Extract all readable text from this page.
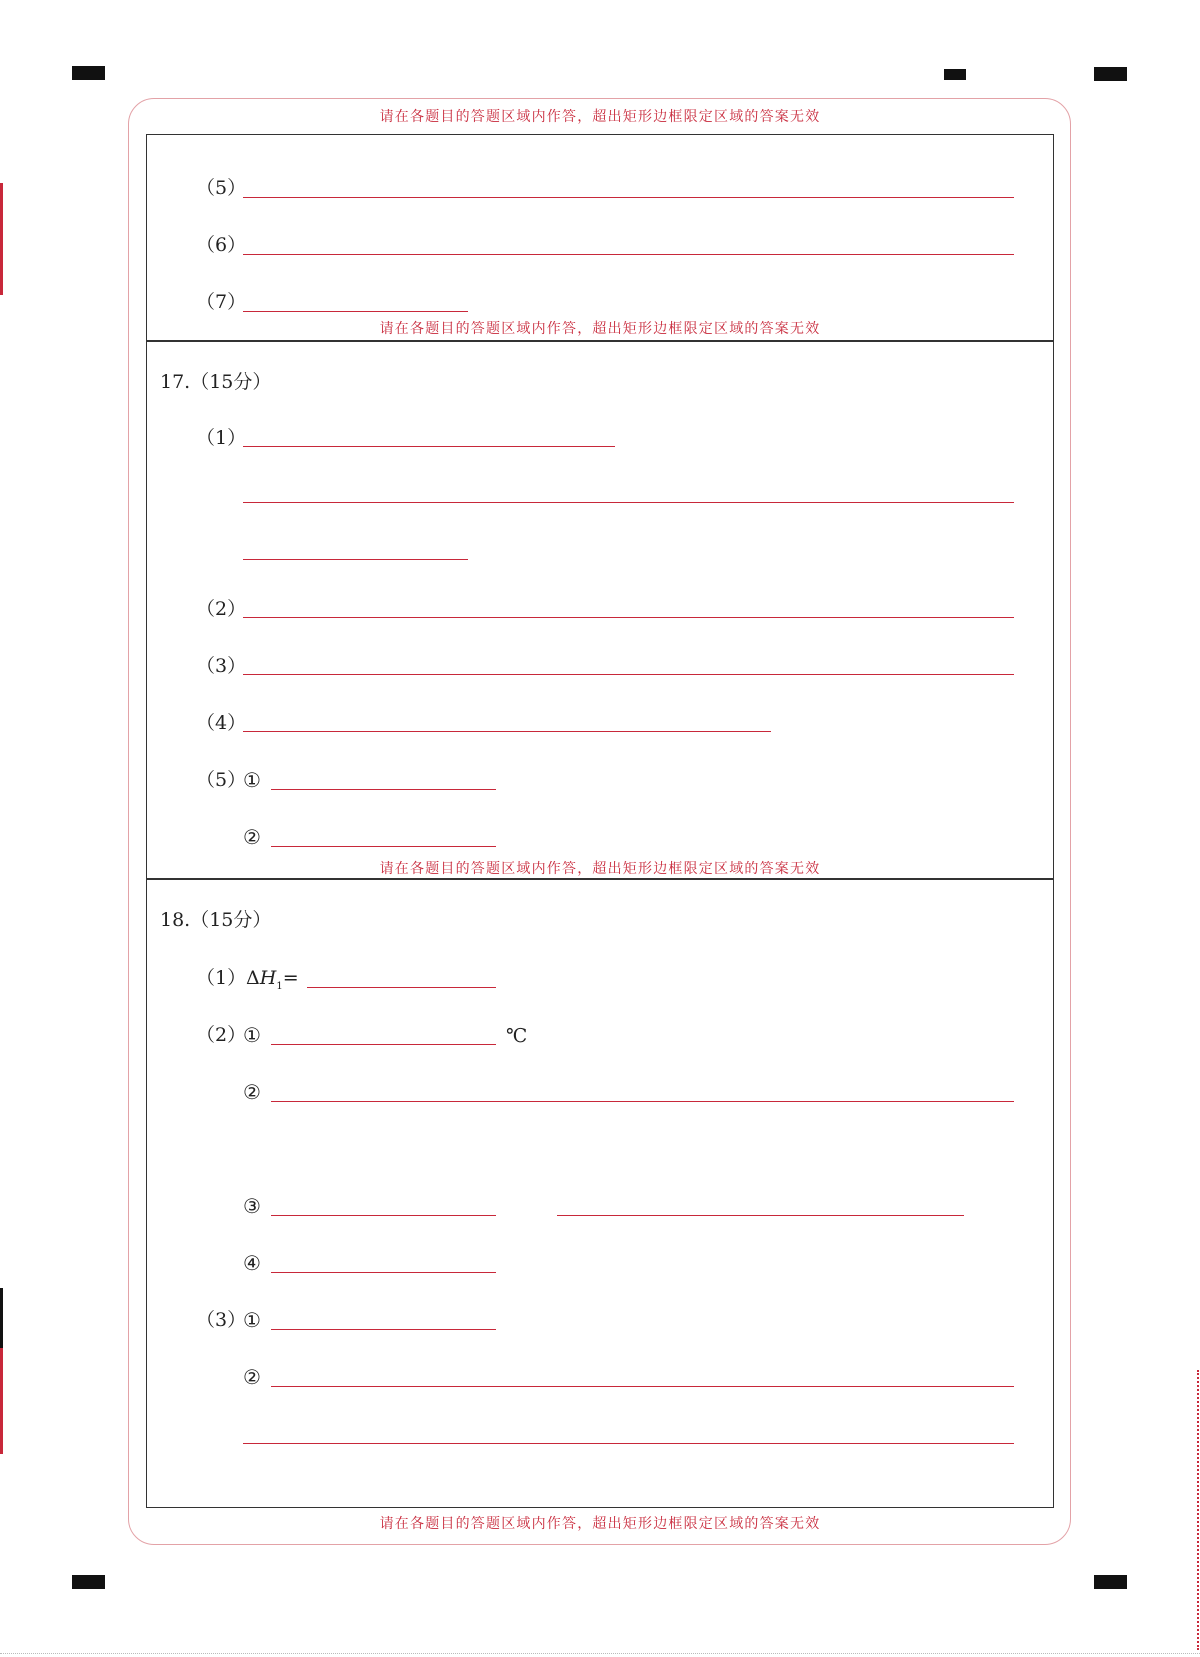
请在各题目的答题区域内作答，超出矩形边框限定区域的答案无效
请在各题目的答题区域内作答，超出矩形边框限定区域的答案无效
请在各题目的答题区域内作答，超出矩形边框限定区域的答案无效
请在各题目的答题区域内作答，超出矩形边框限定区域的答案无效
（5）
（6）
（7）
17.（15分）
（1）
（2）
（3）
（4）
（5）
①
②
18.（15分）
（1） $\Delta H_1=$
（2）
①	℃
②
③
④
（3）
①
②
